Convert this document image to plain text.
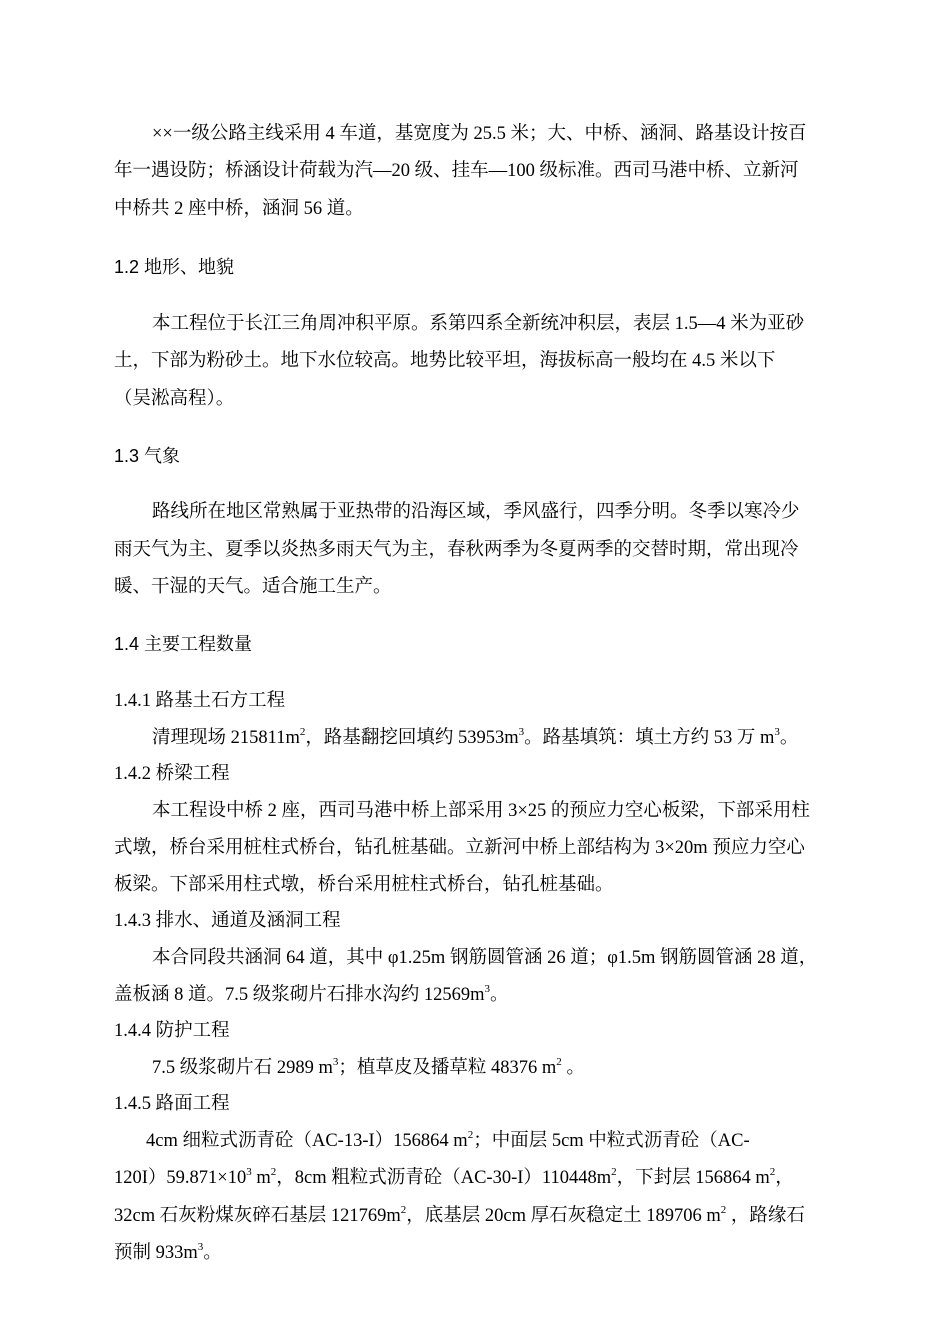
××一级公路主线采用 4 车道，基宽度为 25.5 米；大、中桥、涵洞、路基设计按百
年一遇设防；桥涵设计荷载为汽—20 级、挂车—100 级标准。西司马港中桥、立新河
中桥共 2 座中桥，涵洞 56 道。
1.2 地形、地貌
本工程位于长江三角周冲积平原。系第四系全新统冲积层，表层 1.5—4 米为亚砂
土，下部为粉砂土。地下水位较高。地势比较平坦，海拔标高一般均在 4.5 米以下
（吴淞高程）。
1.3 气象
路线所在地区常熟属于亚热带的沿海区域，季风盛行，四季分明。冬季以寒冷少
雨天气为主、夏季以炎热多雨天气为主，春秋两季为冬夏两季的交替时期，常出现冷
暖、干湿的天气。适合施工生产。
1.4 主要工程数量
1.4.1 路基土石方工程
清理现场 $215811m^2$，路基翻挖回填约 $53953m^3$。路基填筑：填土方约 53 万 $m^3$。
1.4.2 桥梁工程
本工程设中桥 2 座，西司马港中桥上部采用 3×25 的预应力空心板梁，下部采用柱
式墩，桥台采用桩柱式桥台，钻孔桩基础。立新河中桥上部结构为 3×20m 预应力空心
板梁。下部采用柱式墩，桥台采用桩柱式桥台，钻孔桩基础。
1.4.3 排水、通道及涵洞工程
本合同段共涵洞 64 道，其中 φ1.25m 钢筋圆管涵 26 道；φ1.5m 钢筋圆管涵 28 道，
盖板涵 8 道。7.5 级浆砌片石排水沟约 $12569m^3$。
1.4.4 防护工程
7.5 级浆砌片石 2989 $m^3$；植草皮及播草粒 48376 $m^2$ 。
1.4.5 路面工程
4cm 细粒式沥青砼（AC-13-I）156864 $m^2$；中面层 5cm 中粒式沥青砼（AC-
$120I)59.871\times 10^3$ $m^2$，8cm 粗粒式沥青砼$(AC-30-I)110448m^2$，下封层 156864 $m^2$，
32cm 石灰粉煤灰碎石基层 $121769m^2$，底基层 20cm 厚石灰稳定土 189706 $m^2$ ，路缘石
预制 $933m^3$。
